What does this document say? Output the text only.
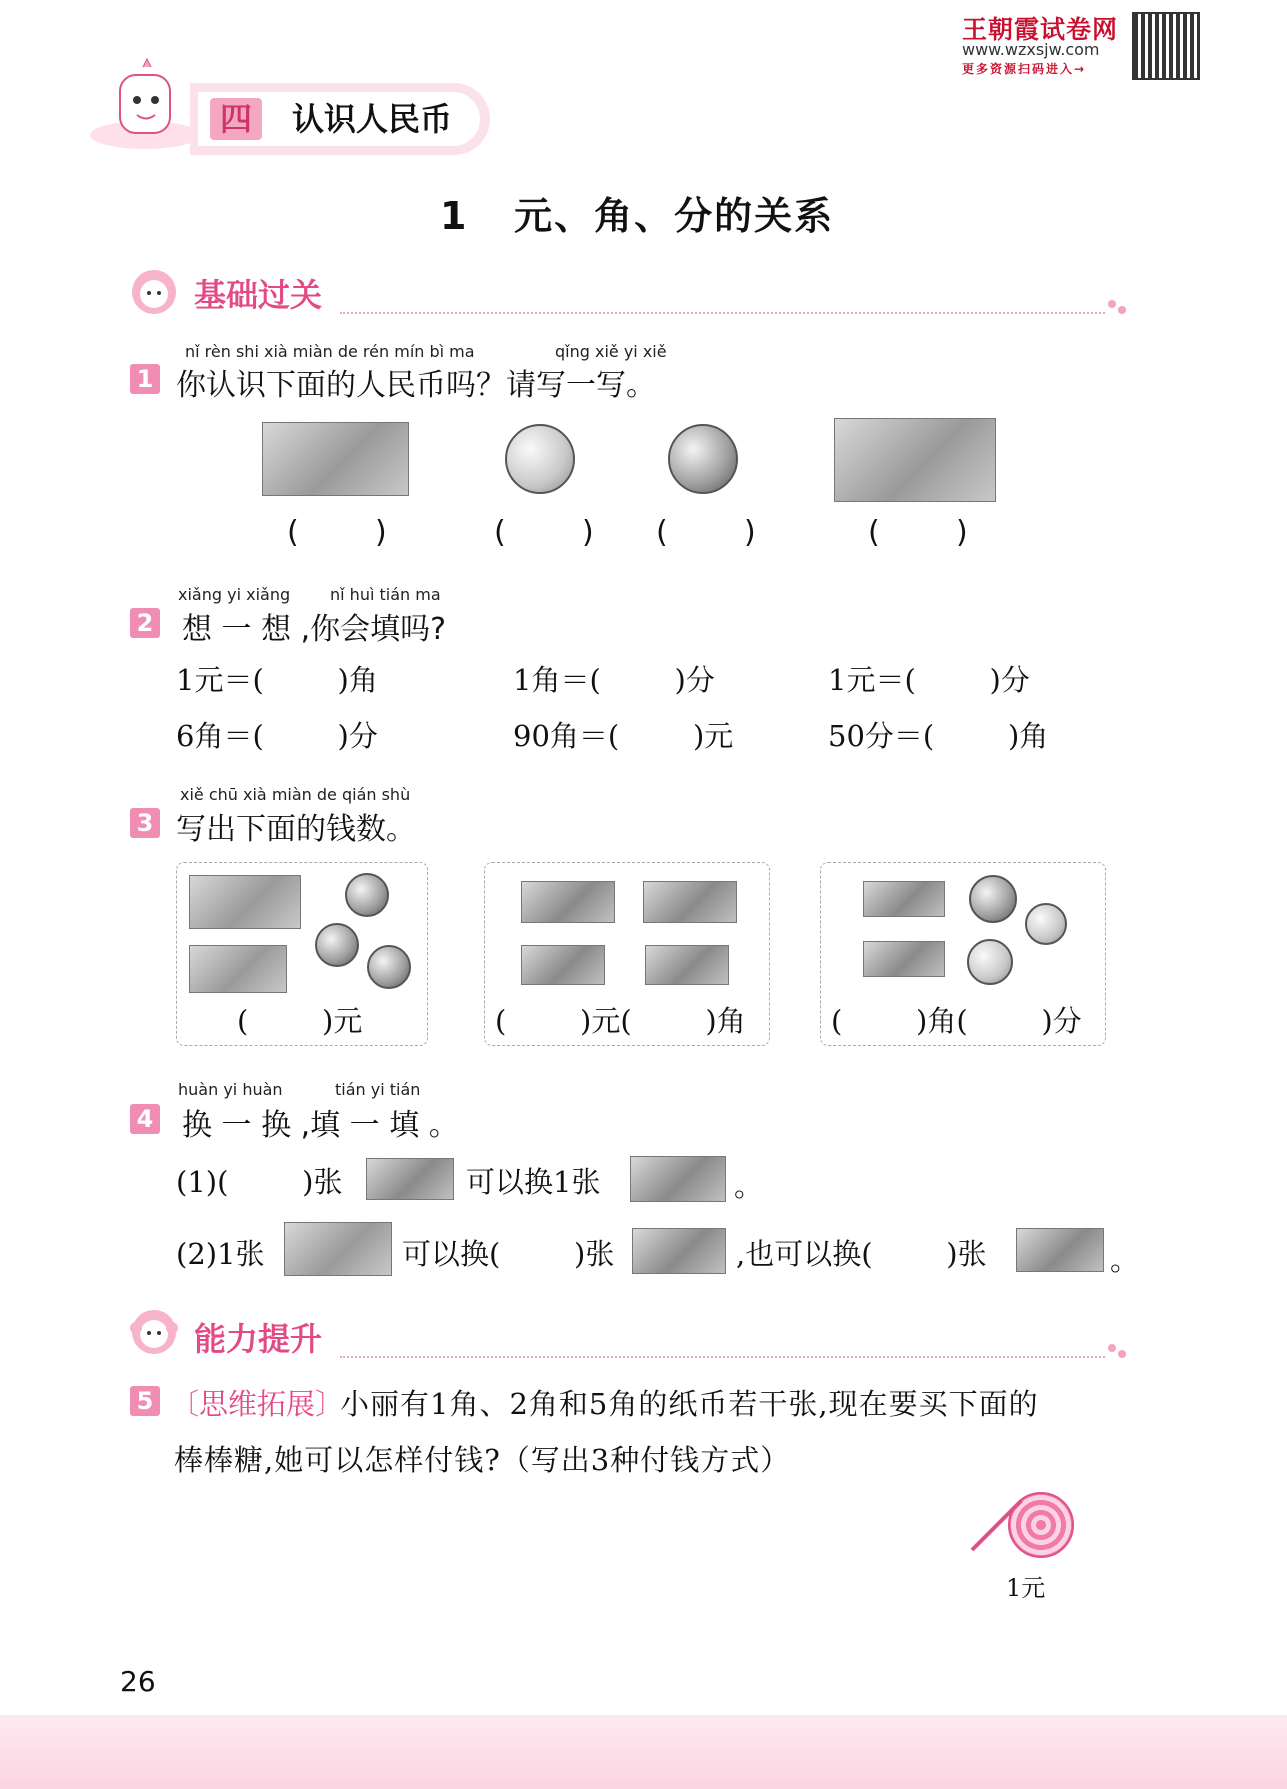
王朝霞试卷网
www.wzxsjw.com
更多资源扫码进入→
四	认识人民币
1   元、角、分的关系
基础过关
nǐ rèn shi xià miàn de rén mín bì ma	qǐng xiě yi xiě
1 你认识下面的人民币吗？请写一写。
(        )	(        ) (        )	(        )
xiǎng yi xiǎng nǐ huì tián ma
2 想 一 想 ,你会填吗?
1元＝(        )角	1角＝(        )分	1元＝(        )分
6角＝(        )分	90角＝(        )元	50分＝(        )角
xiě chū xià miàn de qián shù
3 写出下面的钱数。
(        )元	(        )元(        )角	(        )角(        )分
huàn yi huàn	tián yi tián
4 换 一 换 ,填 一 填 。
(1)(        )张	可以换1张	。
(2)1张	可以换(        )张	,也可以换(        )张	。
能力提升
5 〔思维拓展〕
小丽有1角、2角和5角的纸币若干张,现在要买下面的
棒棒糖,她可以怎样付钱?（写出3种付钱方式）
1元
26
